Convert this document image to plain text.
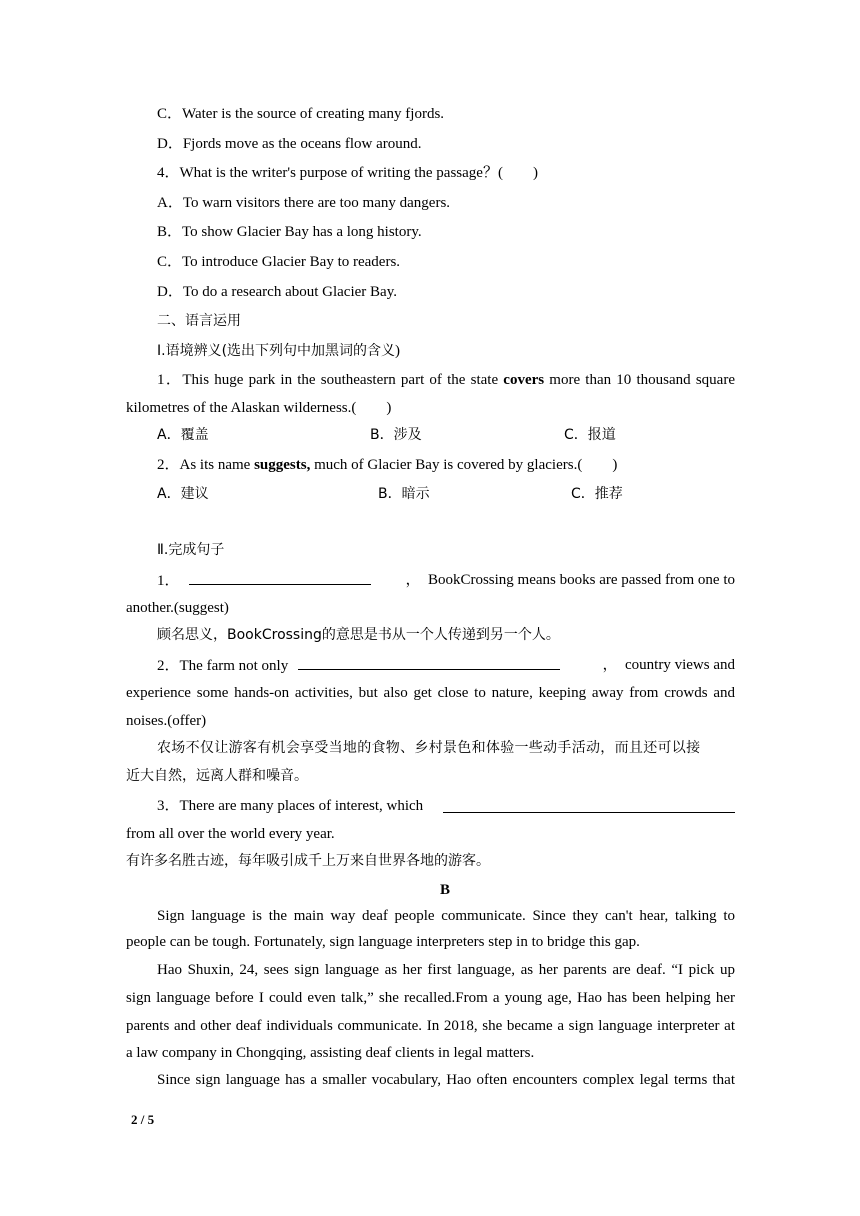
C．Water is the source of creating many fjords.
D．Fjords move as the oceans flow around.
4．What is the writer's purpose of writing the passage？(　　)
A．To warn visitors there are too many dangers.
B．To show Glacier Bay has a long history.
C．To introduce Glacier Bay to readers.
D．To do a research about Glacier Bay.
二、语言运用
Ⅰ.语境辨义(选出下列句中加黑词的含义)
1．This huge park in the southeastern part of the state covers more than 10 thousand square
kilometres of the Alaskan wilderness.(　　)
A．覆盖	B．涉及	C．报道
2．As its name suggests, much of Glacier Bay is covered by glaciers.(　　)
A．建议	B．暗示	C．推荐
Ⅱ.完成句子
1．	，　BookCrossing means books are passed from one to
another.(suggest)
顾名思义，BookCrossing的意思是书从一个人传递到另一个人。
2．The farm not only	，　country views and
experience some hands-on activities, but also get close to nature, keeping away from crowds and
noises.(offer)
农场不仅让游客有机会享受当地的食物、乡村景色和体验一些动手活动，而且还可以接
近大自然，远离人群和噪音。
3．There are many places of interest, which
from all over the world every year.
有许多名胜古迹，每年吸引成千上万来自世界各地的游客。
B
Sign language is the main way deaf people communicate. Since they can't hear, talking to
people can be tough. Fortunately, sign language interpreters step in to bridge this gap.
Hao Shuxin, 24, sees sign language as her first language, as her parents are deaf. “I pick up
sign language before I could even talk,” she recalled.From a young age, Hao has been helping her
parents and other deaf individuals communicate. In 2018, she became a sign language interpreter at
a law company in Chongqing, assisting deaf clients in legal matters.
Since sign language has a smaller vocabulary, Hao often encounters complex legal terms that
2 / 5
